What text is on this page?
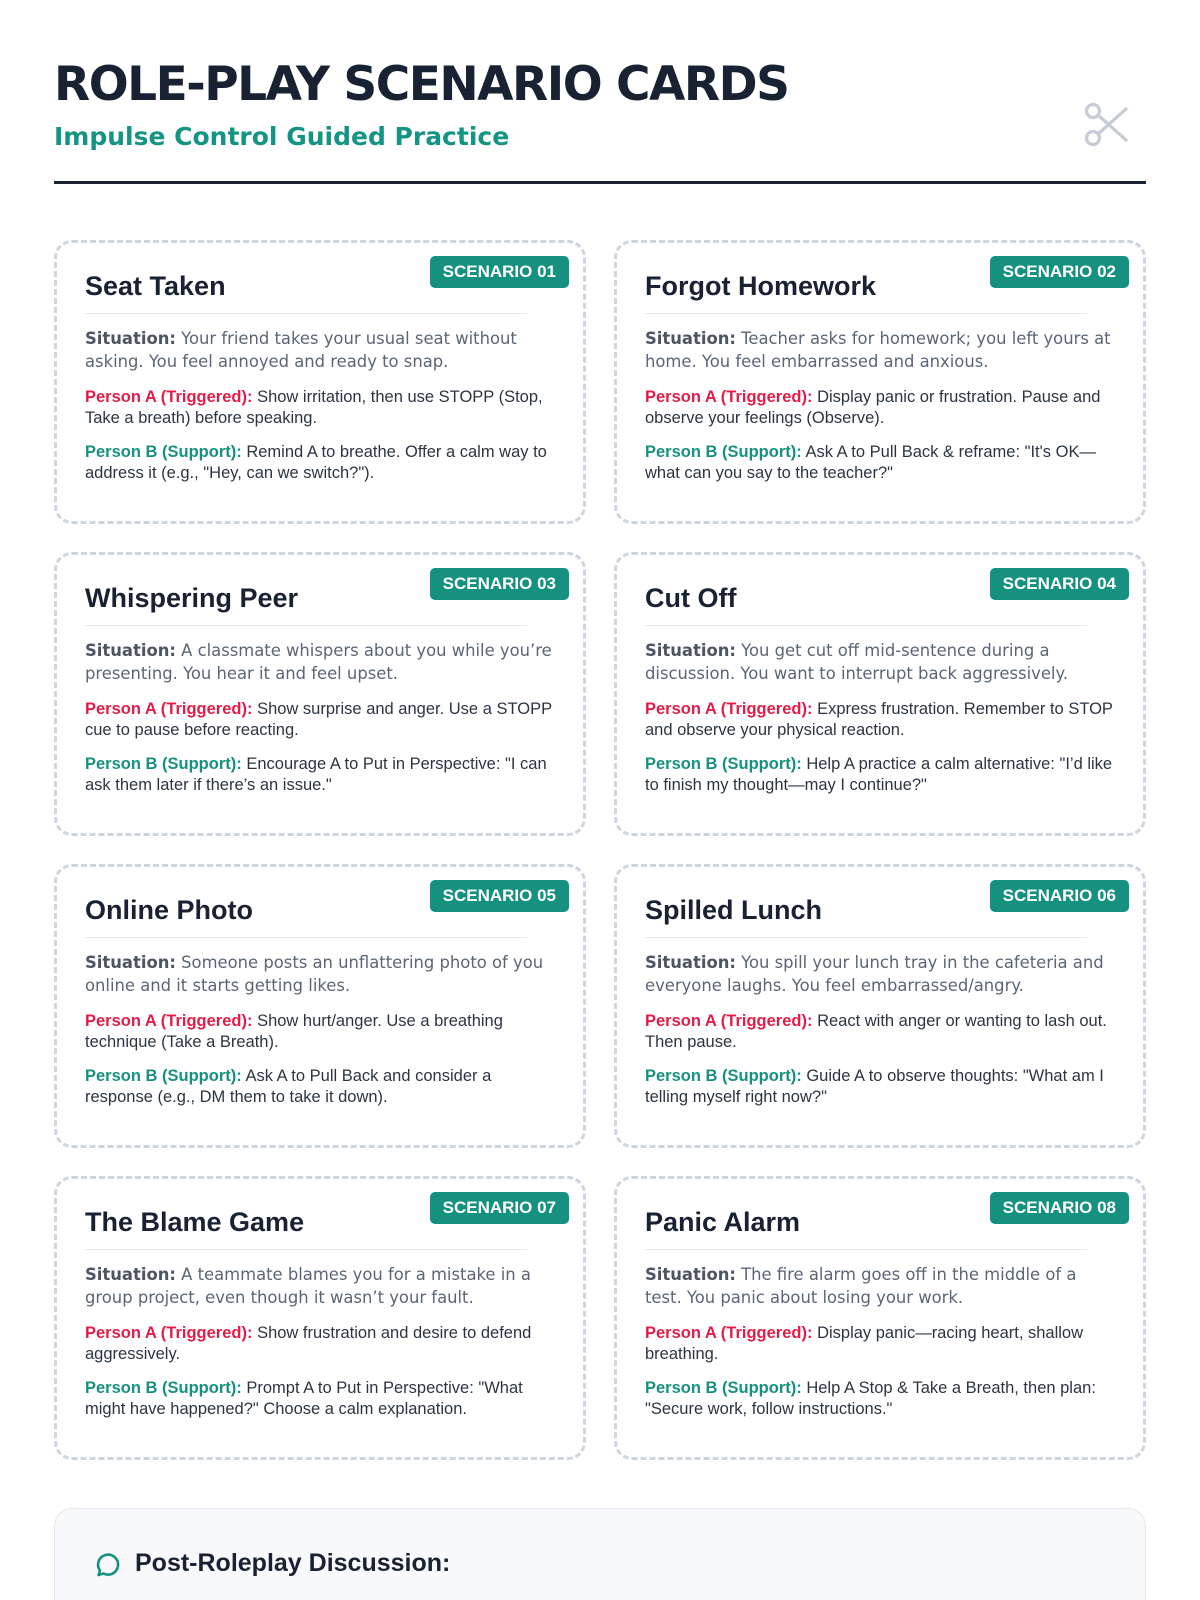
ROLE-PLAY SCENARIO CARDS
Impulse Control Guided Practice
SCENARIO 01
Seat Taken

Situation: Your friend takes your usual seat without asking. You feel annoyed and ready to snap.

Person A (Triggered): Show irritation, then use STOPP (Stop, Take a breath) before speaking.

Person B (Support): Remind A to breathe. Offer a calm way to address it (e.g., "Hey, can we switch?").

SCENARIO 02
Forgot Homework

Situation: Teacher asks for homework; you left yours at home. You feel embarrassed and anxious.

Person A (Triggered): Display panic or frustration. Pause and observe your feelings (Observe).

Person B (Support): Ask A to Pull Back & reframe: "It's OK—what can you say to the teacher?"

SCENARIO 03
Whispering Peer

Situation: A classmate whispers about you while you’re presenting. You hear it and feel upset.

Person A (Triggered): Show surprise and anger. Use a STOPP cue to pause before reacting.

Person B (Support): Encourage A to Put in Perspective: "I can ask them later if there’s an issue."

SCENARIO 04
Cut Off

Situation: You get cut off mid-sentence during a discussion. You want to interrupt back aggressively.

Person A (Triggered): Express frustration. Remember to STOP and observe your physical reaction.

Person B (Support): Help A practice a calm alternative: "I’d like to finish my thought—may I continue?"

SCENARIO 05
Online Photo

Situation: Someone posts an unflattering photo of you online and it starts getting likes.

Person A (Triggered): Show hurt/anger. Use a breathing technique (Take a Breath).

Person B (Support): Ask A to Pull Back and consider a response (e.g., DM them to take it down).

SCENARIO 06
Spilled Lunch

Situation: You spill your lunch tray in the cafeteria and everyone laughs. You feel embarrassed/angry.

Person A (Triggered): React with anger or wanting to lash out. Then pause.

Person B (Support): Guide A to observe thoughts: "What am I telling myself right now?"

SCENARIO 07
The Blame Game

Situation: A teammate blames you for a mistake in a group project, even though it wasn’t your fault.

Person A (Triggered): Show frustration and desire to defend aggressively.

Person B (Support): Prompt A to Put in Perspective: "What might have happened?" Choose a calm explanation.

SCENARIO 08
Panic Alarm

Situation: The fire alarm goes off in the middle of a test. You panic about losing your work.

Person A (Triggered): Display panic—racing heart, shallow breathing.

Person B (Support): Help A Stop & Take a Breath, then plan: "Secure work, follow instructions."

Post-Roleplay Discussion:
